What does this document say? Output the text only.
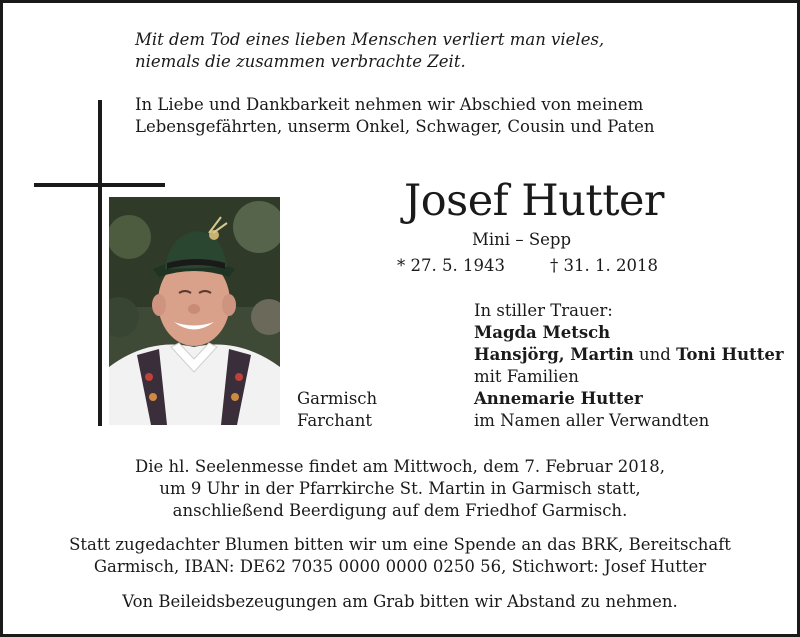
Mit dem Tod eines lieben Menschen verliert man vieles,
niemals die zusammen verbrachte Zeit.
In Liebe und Dankbarkeit nehmen wir Abschied von meinem
Lebensgefährten, unserm Onkel, Schwager, Cousin und Paten
Josef Hutter
Mini – Sepp
* 27. 5. 1943	† 31. 1. 2018
In stiller Trauer:
Magda Metsch
Hansjörg, Martin und Toni Hutter
mit Familien
Annemarie Hutter
im Namen aller Verwandten
Garmisch
Farchant
Die hl. Seelenmesse findet am Mittwoch, dem 7. Februar 2018,
um 9 Uhr in der Pfarrkirche St. Martin in Garmisch statt,
anschließend Beerdigung auf dem Friedhof Garmisch.
Statt zugedachter Blumen bitten wir um eine Spende an das BRK, Bereitschaft
Garmisch, IBAN: DE62 7035 0000 0000 0250 56, Stichwort: Josef Hutter
Von Beileidsbezeugungen am Grab bitten wir Abstand zu nehmen.
